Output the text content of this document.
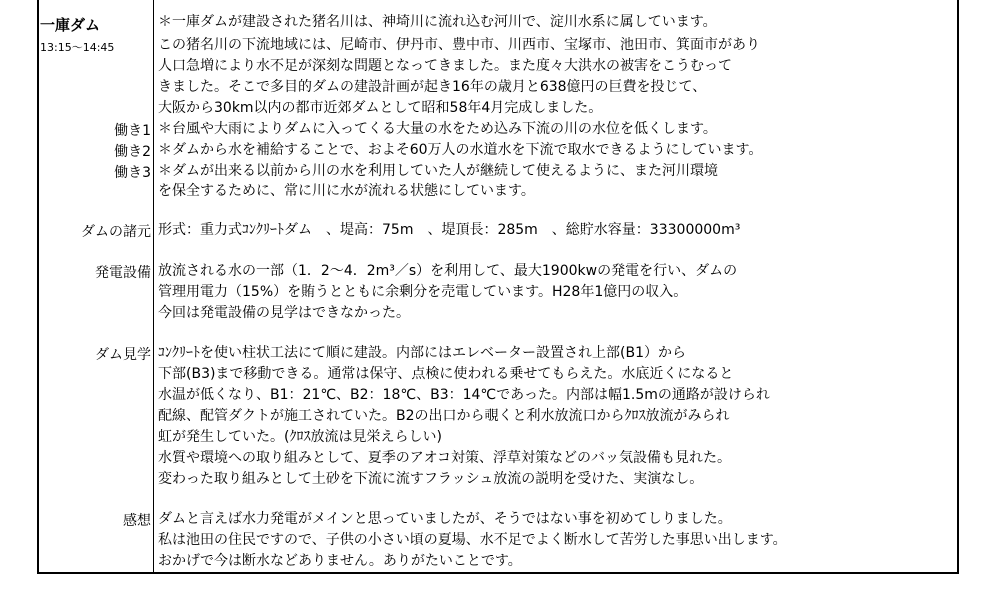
一庫ダム
13:15～14:45
＊一庫ダムが建設された猪名川は、神埼川に流れ込む河川で、淀川水系に属しています。
この猪名川の下流地域には、尼崎市、伊丹市、豊中市、川西市、宝塚市、池田市、箕面市があり
人口急増により水不足が深刻な問題となってきました。また度々大洪水の被害をこうむって
きました。そこで多目的ダムの建設計画が起き16年の歳月と638億円の巨費を投じて、
大阪から30km以内の都市近郊ダムとして昭和58年4月完成しました。
働き1 ＊台風や大雨によりダムに入ってくる大量の水をため込み下流の川の水位を低くします。
働き2 ＊ダムから水を補給することで、およそ60万人の水道水を下流で取水できるようにしています。
働き3 ＊ダムが出来る以前から川の水を利用していた人が継続して使えるように、また河川環境
を保全するために、常に川に水が流れる状態にしています。
ダムの諸元 形式：重力式ｺﾝｸﾘｰﾄダム　、堤高：75m　、堤頂長：285m　、総貯水容量：33300000m³
発電設備 放流される水の一部（1．2～4．2m³／s）を利用して、最大1900kwの発電を行い、ダムの
管理用電力（15%）を賄うとともに余剰分を売電しています。H28年1億円の収入。
今回は発電設備の見学はできなかった。
ダム見学 ｺﾝｸﾘｰﾄを使い柱状工法にて順に建設。内部にはエレベーター設置され上部(B1）から
下部(B3)まで移動できる。通常は保守、点検に使われる乗せてもらえた。水底近くになると
水温が低くなり、B1：21℃、B2：18℃、B3：14℃であった。内部は幅1.5mの通路が設けられ
配線、配管ダクトが施工されていた。B2の出口から覗くと利水放流口からｸﾛｽ放流がみられ
虹が発生していた。(ｸﾛｽ放流は見栄えらしい)
水質や環境への取り組みとして、夏季のアオコ対策、浮草対策などのバッ気設備も見れた。
変わった取り組みとして土砂を下流に流すフラッシュ放流の説明を受けた、実演なし。
感想 ダムと言えば水力発電がメインと思っていましたが、そうではない事を初めてしりました。
私は池田の住民ですので、子供の小さい頃の夏場、水不足でよく断水して苦労した事思い出します。
おかげで今は断水などありません。ありがたいことです。
